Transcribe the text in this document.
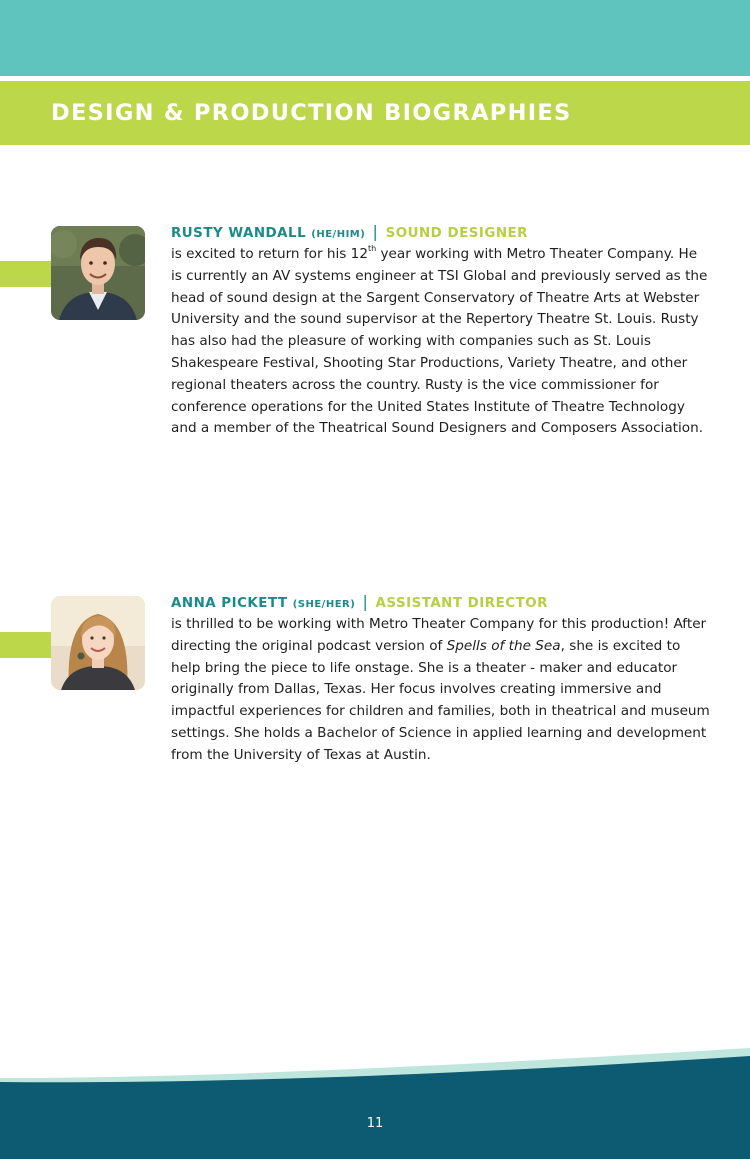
DESIGN & PRODUCTION BIOGRAPHIES
RUSTY WANDALL (HE/HIM) | SOUND DESIGNER

is excited to return for his 12th year working with Metro Theater Company. He is currently an AV systems engineer at TSI Global and previously served as the head of sound design at the Sargent Conservatory of Theatre Arts at Webster University and the sound supervisor at the Repertory Theatre St. Louis. Rusty has also had the pleasure of working with companies such as St. Louis Shakespeare Festival, Shooting Star Productions, Variety Theatre, and other regional theaters across the country. Rusty is the vice commissioner for conference operations for the United States Institute of Theatre Technology and a member of the Theatrical Sound Designers and Composers Association.

ANNA PICKETT (SHE/HER) | ASSISTANT DIRECTOR

is thrilled to be working with Metro Theater Company for this production! After directing the original podcast version of Spells of the Sea, she is excited to help bring the piece to life onstage. She is a theater - maker and educator originally from Dallas, Texas. Her focus involves creating immersive and impactful experiences for children and families, both in theatrical and museum settings. She holds a Bachelor of Science in applied learning and development from the University of Texas at Austin.

11
